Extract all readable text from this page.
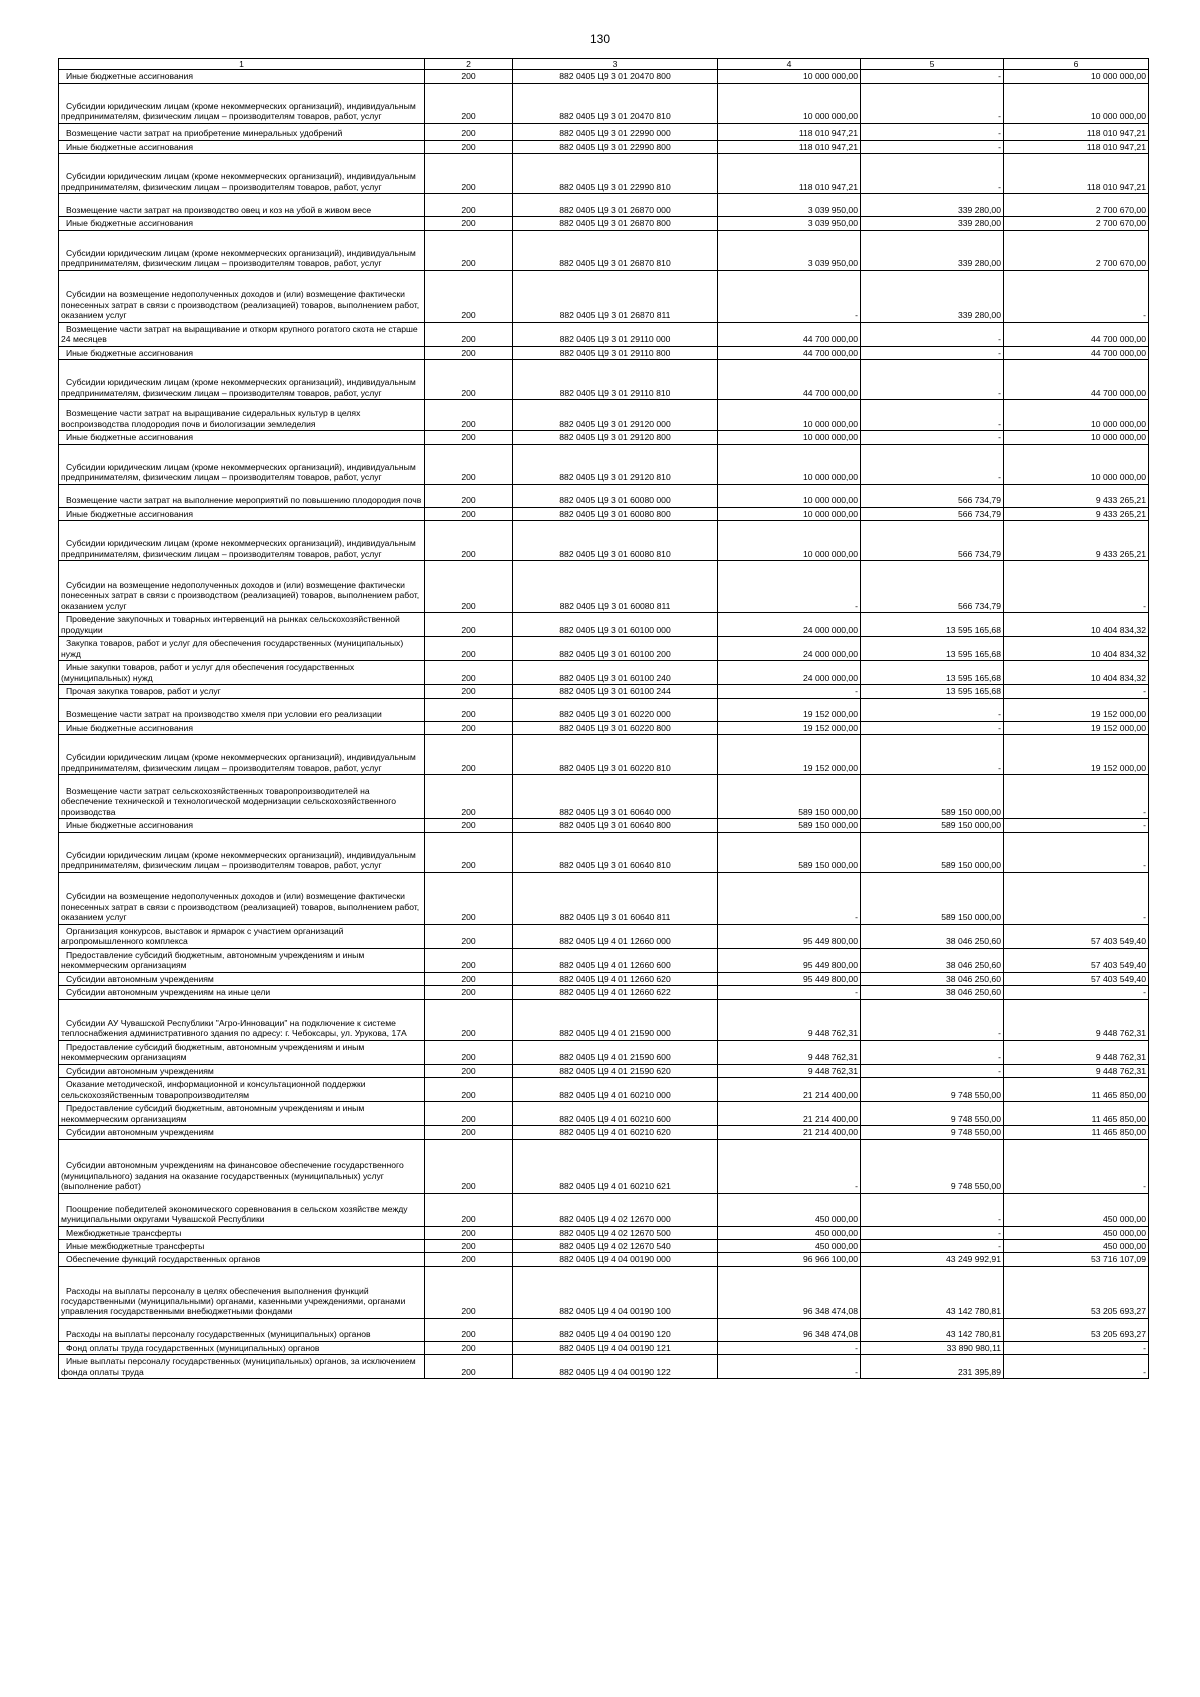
130
1	2	3	4	5	6
Иные бюджетные ассигнования	200	882 0405 Ц9 3 01 20470 800	10 000 000,00	-	10 000 000,00
Субсидии юридическим лицам (кроме некоммерческих организаций), индивидуальным предпринимателям, физическим лицам – производителям товаров, работ, услуг	200	882 0405 Ц9 3 01 20470 810	10 000 000,00	-	10 000 000,00
Возмещение части затрат на приобретение минеральных удобрений	200	882 0405 Ц9 3 01 22990 000	118 010 947,21	-	118 010 947,21
Иные бюджетные ассигнования	200	882 0405 Ц9 3 01 22990 800	118 010 947,21	-	118 010 947,21
Субсидии юридическим лицам (кроме некоммерческих организаций), индивидуальным предпринимателям, физическим лицам – производителям товаров, работ, услуг	200	882 0405 Ц9 3 01 22990 810	118 010 947,21	-	118 010 947,21
Возмещение части затрат на производство овец и коз на убой в живом весе	200	882 0405 Ц9 3 01 26870 000	3 039 950,00	339 280,00	2 700 670,00
Иные бюджетные ассигнования	200	882 0405 Ц9 3 01 26870 800	3 039 950,00	339 280,00	2 700 670,00
Субсидии юридическим лицам (кроме некоммерческих организаций), индивидуальным предпринимателям, физическим лицам – производителям товаров, работ, услуг	200	882 0405 Ц9 3 01 26870 810	3 039 950,00	339 280,00	2 700 670,00
Субсидии на возмещение недополученных доходов и (или) возмещение фактически понесенных затрат в связи с производством (реализацией) товаров, выполнением работ, оказанием услуг	200	882 0405 Ц9 3 01 26870 811	-	339 280,00	-
Возмещение части затрат на выращивание и откорм крупного рогатого скота не старше 24 месяцев	200	882 0405 Ц9 3 01 29110 000	44 700 000,00	-	44 700 000,00
Иные бюджетные ассигнования	200	882 0405 Ц9 3 01 29110 800	44 700 000,00	-	44 700 000,00
Субсидии юридическим лицам (кроме некоммерческих организаций), индивидуальным предпринимателям, физическим лицам – производителям товаров, работ, услуг	200	882 0405 Ц9 3 01 29110 810	44 700 000,00	-	44 700 000,00
Возмещение части затрат на выращивание сидеральных культур в целях воспроизводства плодородия почв и биологизации земледелия	200	882 0405 Ц9 3 01 29120 000	10 000 000,00	-	10 000 000,00
Иные бюджетные ассигнования	200	882 0405 Ц9 3 01 29120 800	10 000 000,00	-	10 000 000,00
Субсидии юридическим лицам (кроме некоммерческих организаций), индивидуальным предпринимателям, физическим лицам – производителям товаров, работ, услуг	200	882 0405 Ц9 3 01 29120 810	10 000 000,00	-	10 000 000,00
Возмещение части затрат на выполнение мероприятий по повышению плодородия почв	200	882 0405 Ц9 3 01 60080 000	10 000 000,00	566 734,79	9 433 265,21
Иные бюджетные ассигнования	200	882 0405 Ц9 3 01 60080 800	10 000 000,00	566 734,79	9 433 265,21
Субсидии юридическим лицам (кроме некоммерческих организаций), индивидуальным предпринимателям, физическим лицам – производителям товаров, работ, услуг	200	882 0405 Ц9 3 01 60080 810	10 000 000,00	566 734,79	9 433 265,21
Субсидии на возмещение недополученных доходов и (или) возмещение фактически понесенных затрат в связи с производством (реализацией) товаров, выполнением работ, оказанием услуг	200	882 0405 Ц9 3 01 60080 811	-	566 734,79	-
Проведение закупочных и товарных интервенций на рынках сельскохозяйственной продукции	200	882 0405 Ц9 3 01 60100 000	24 000 000,00	13 595 165,68	10 404 834,32
Закупка товаров, работ и услуг для обеспечения государственных (муниципальных) нужд	200	882 0405 Ц9 3 01 60100 200	24 000 000,00	13 595 165,68	10 404 834,32
Иные закупки товаров, работ и услуг для обеспечения государственных (муниципальных) нужд	200	882 0405 Ц9 3 01 60100 240	24 000 000,00	13 595 165,68	10 404 834,32
Прочая закупка товаров, работ и услуг	200	882 0405 Ц9 3 01 60100 244	-	13 595 165,68	-
Возмещение части затрат на производство хмеля при условии его реализации	200	882 0405 Ц9 3 01 60220 000	19 152 000,00	-	19 152 000,00
Иные бюджетные ассигнования	200	882 0405 Ц9 3 01 60220 800	19 152 000,00	-	19 152 000,00
Субсидии юридическим лицам (кроме некоммерческих организаций), индивидуальным предпринимателям, физическим лицам – производителям товаров, работ, услуг	200	882 0405 Ц9 3 01 60220 810	19 152 000,00	-	19 152 000,00
Возмещение части затрат сельскохозяйственных товаропроизводителей на обеспечение технической и технологической модернизации сельскохозяйственного производства	200	882 0405 Ц9 3 01 60640 000	589 150 000,00	589 150 000,00	-
Иные бюджетные ассигнования	200	882 0405 Ц9 3 01 60640 800	589 150 000,00	589 150 000,00	-
Субсидии юридическим лицам (кроме некоммерческих организаций), индивидуальным предпринимателям, физическим лицам – производителям товаров, работ, услуг	200	882 0405 Ц9 3 01 60640 810	589 150 000,00	589 150 000,00	-
Субсидии на возмещение недополученных доходов и (или) возмещение фактически понесенных затрат в связи с производством (реализацией) товаров, выполнением работ, оказанием услуг	200	882 0405 Ц9 3 01 60640 811	-	589 150 000,00	-
Организация конкурсов, выставок и ярмарок с участием организаций агропромышленного комплекса	200	882 0405 Ц9 4 01 12660 000	95 449 800,00	38 046 250,60	57 403 549,40
Предоставление субсидий бюджетным, автономным учреждениям и иным некоммерческим организациям	200	882 0405 Ц9 4 01 12660 600	95 449 800,00	38 046 250,60	57 403 549,40
Субсидии автономным учреждениям	200	882 0405 Ц9 4 01 12660 620	95 449 800,00	38 046 250,60	57 403 549,40
Субсидии автономным учреждениям на иные цели	200	882 0405 Ц9 4 01 12660 622	-	38 046 250,60	-
Субсидии АУ Чувашской Республики "Агро-Инновации" на подключение к системе теплоснабжения административного здания по адресу: г. Чебоксары, ул. Урукова, 17А	200	882 0405 Ц9 4 01 21590 000	9 448 762,31	-	9 448 762,31
Предоставление субсидий бюджетным, автономным учреждениям и иным некоммерческим организациям	200	882 0405 Ц9 4 01 21590 600	9 448 762,31	-	9 448 762,31
Субсидии автономным учреждениям	200	882 0405 Ц9 4 01 21590 620	9 448 762,31	-	9 448 762,31
Оказание методической, информационной и консультационной поддержки сельскохозяйственным товаропроизводителям	200	882 0405 Ц9 4 01 60210 000	21 214 400,00	9 748 550,00	11 465 850,00
Предоставление субсидий бюджетным, автономным учреждениям и иным некоммерческим организациям	200	882 0405 Ц9 4 01 60210 600	21 214 400,00	9 748 550,00	11 465 850,00
Субсидии автономным учреждениям	200	882 0405 Ц9 4 01 60210 620	21 214 400,00	9 748 550,00	11 465 850,00
Субсидии автономным учреждениям на финансовое обеспечение государственного (муниципального) задания на оказание государственных (муниципальных) услуг (выполнение работ)	200	882 0405 Ц9 4 01 60210 621	-	9 748 550,00	-
Поощрение победителей экономического соревнования в сельском хозяйстве между муниципальными округами Чувашской Республики	200	882 0405 Ц9 4 02 12670 000	450 000,00	-	450 000,00
Межбюджетные трансферты	200	882 0405 Ц9 4 02 12670 500	450 000,00	-	450 000,00
Иные межбюджетные трансферты	200	882 0405 Ц9 4 02 12670 540	450 000,00	-	450 000,00
Обеспечение функций государственных органов	200	882 0405 Ц9 4 04 00190 000	96 966 100,00	43 249 992,91	53 716 107,09
Расходы на выплаты персоналу в целях обеспечения выполнения функций государственными (муниципальными) органами, казенными учреждениями, органами управления государственными внебюджетными фондами	200	882 0405 Ц9 4 04 00190 100	96 348 474,08	43 142 780,81	53 205 693,27
Расходы на выплаты персоналу государственных (муниципальных) органов	200	882 0405 Ц9 4 04 00190 120	96 348 474,08	43 142 780,81	53 205 693,27
Фонд оплаты труда государственных (муниципальных) органов	200	882 0405 Ц9 4 04 00190 121	-	33 890 980,11	-
Иные выплаты персоналу государственных (муниципальных) органов, за исключением фонда оплаты труда	200	882 0405 Ц9 4 04 00190 122	-	231 395,89	-
